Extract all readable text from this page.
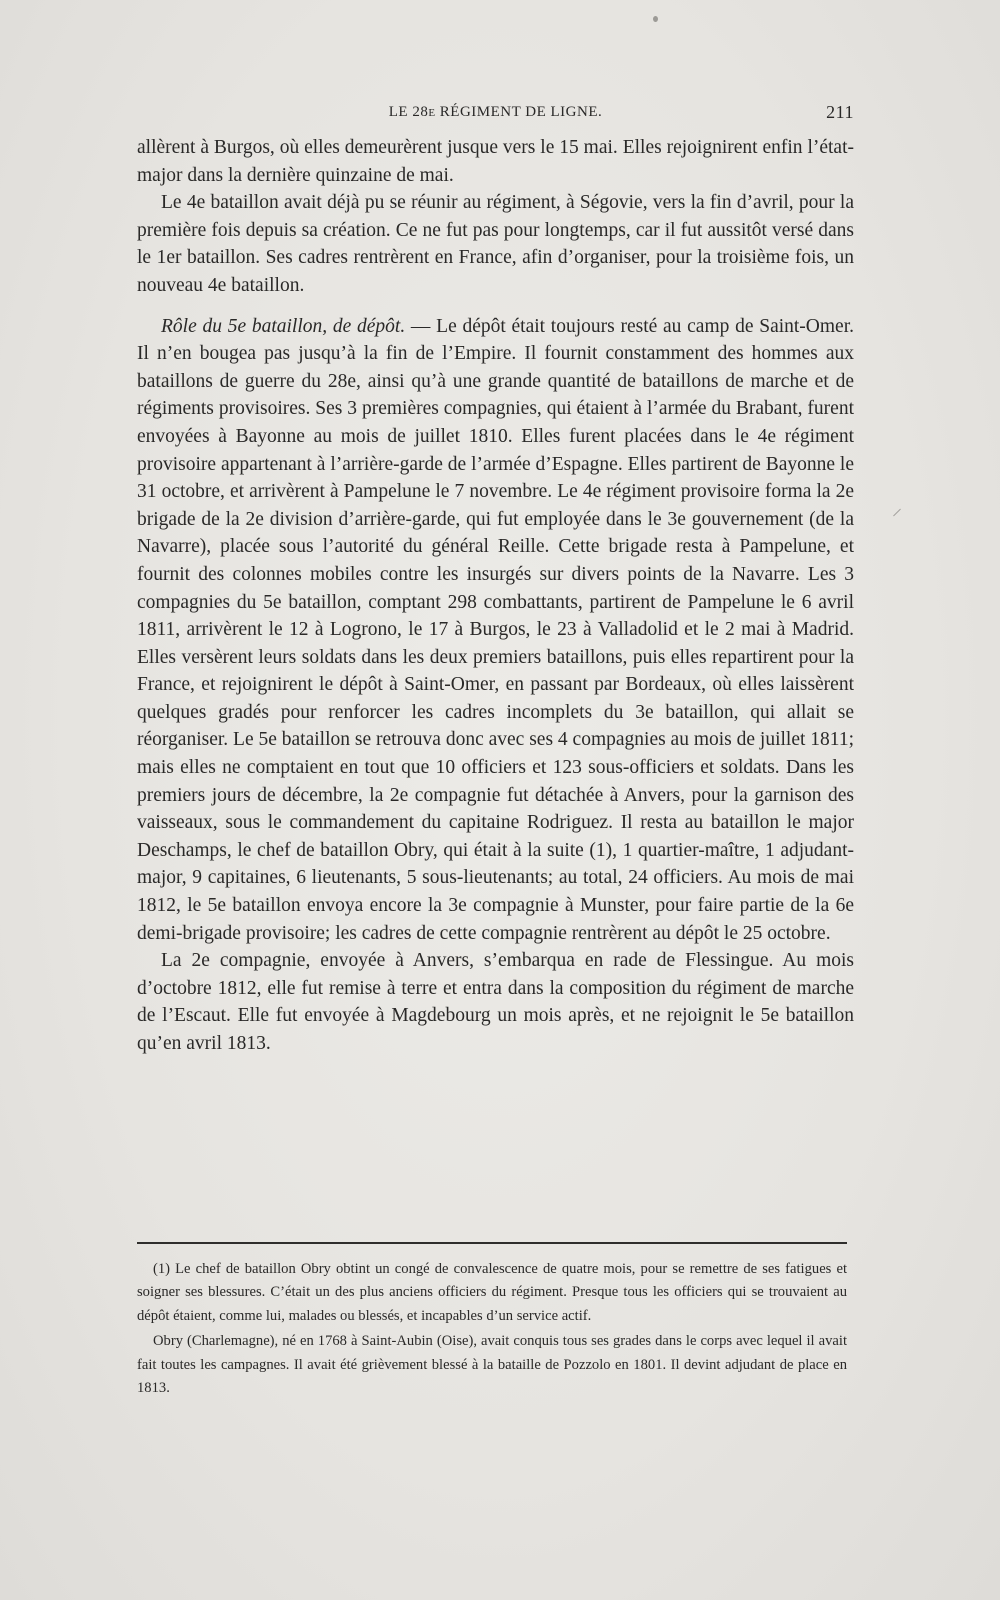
LE 28e RÉGIMENT DE LIGNE.	211

allèrent à Burgos, où elles demeurèrent jusque vers le 15 mai. Elles rejoignirent enfin l’état-major dans la dernière quinzaine de mai.

Le 4e bataillon avait déjà pu se réunir au régiment, à Ségovie, vers la fin d’avril, pour la première fois depuis sa création. Ce ne fut pas pour longtemps, car il fut aussitôt versé dans le 1er bataillon. Ses cadres rentrèrent en France, afin d’organiser, pour la troisième fois, un nouveau 4e bataillon.

Rôle du 5e bataillon, de dépôt. — Le dépôt était toujours resté au camp de Saint-Omer. Il n’en bougea pas jusqu’à la fin de l’Empire. Il fournit constamment des hommes aux bataillons de guerre du 28e, ainsi qu’à une grande quantité de bataillons de marche et de régiments provisoires. Ses 3 premières compagnies, qui étaient à l’armée du Brabant, furent envoyées à Bayonne au mois de juillet 1810. Elles furent placées dans le 4e régiment provisoire appartenant à l’arrière-garde de l’armée d’Espagne. Elles partirent de Bayonne le 31 octobre, et arrivèrent à Pampelune le 7 novembre. Le 4e régiment provisoire forma la 2e brigade de la 2e division d’arrière-garde, qui fut employée dans le 3e gouvernement (de la Navarre), placée sous l’autorité du général Reille. Cette brigade resta à Pampelune, et fournit des colonnes mobiles contre les insurgés sur divers points de la Navarre. Les 3 compagnies du 5e bataillon, comptant 298 combattants, partirent de Pampelune le 6 avril 1811, arrivèrent le 12 à Logrono, le 17 à Burgos, le 23 à Valladolid et le 2 mai à Madrid. Elles versèrent leurs soldats dans les deux premiers bataillons, puis elles repartirent pour la France, et rejoignirent le dépôt à Saint-Omer, en passant par Bordeaux, où elles laissèrent quelques gradés pour renforcer les cadres incomplets du 3e bataillon, qui allait se réorganiser. Le 5e bataillon se retrouva donc avec ses 4 compagnies au mois de juillet 1811; mais elles ne comptaient en tout que 10 officiers et 123 sous-officiers et soldats. Dans les premiers jours de décembre, la 2e compagnie fut détachée à Anvers, pour la garnison des vaisseaux, sous le commandement du capitaine Rodriguez. Il resta au bataillon le major Deschamps, le chef de bataillon Obry, qui était à la suite (1), 1 quartier-maître, 1 adjudant-major, 9 capitaines, 6 lieutenants, 5 sous-lieutenants; au total, 24 officiers. Au mois de mai 1812, le 5e bataillon envoya encore la 3e compagnie à Munster, pour faire partie de la 6e demi-brigade provisoire; les cadres de cette compagnie rentrèrent au dépôt le 25 octobre.

La 2e compagnie, envoyée à Anvers, s’embarqua en rade de Flessingue. Au mois d’octobre 1812, elle fut remise à terre et entra dans la composition du régiment de marche de l’Escaut. Elle fut envoyée à Magdebourg un mois après, et ne rejoignit le 5e bataillon qu’en avril 1813.

(1) Le chef de bataillon Obry obtint un congé de convalescence de quatre mois, pour se remettre de ses fatigues et soigner ses blessures. C’était un des plus anciens officiers du régiment. Presque tous les officiers qui se trouvaient au dépôt étaient, comme lui, malades ou blessés, et incapables d’un service actif.

Obry (Charlemagne), né en 1768 à Saint-Aubin (Oise), avait conquis tous ses grades dans le corps avec lequel il avait fait toutes les campagnes. Il avait été grièvement blessé à la bataille de Pozzolo en 1801. Il devint adjudant de place en 1813.
